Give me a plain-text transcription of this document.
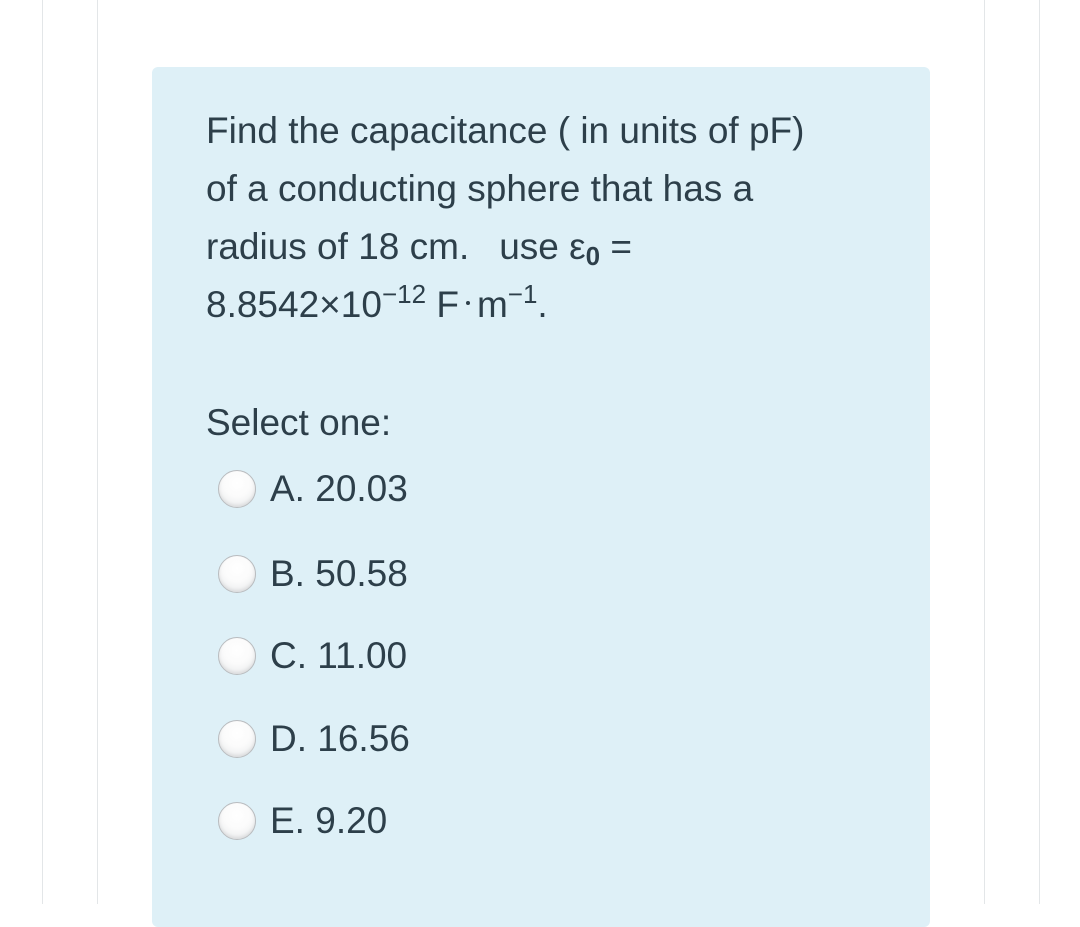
Find the capacitance ( in units of pF)
of a conducting sphere that has a
radius of 18 cm. use $\varepsilon_0$ =
$8.8542\times 10^{-12}$ F $m^{-1}$.
Select one:
A. 20.03
B. 50.58
C. 11.00
D. 16.56
E. 9.20
